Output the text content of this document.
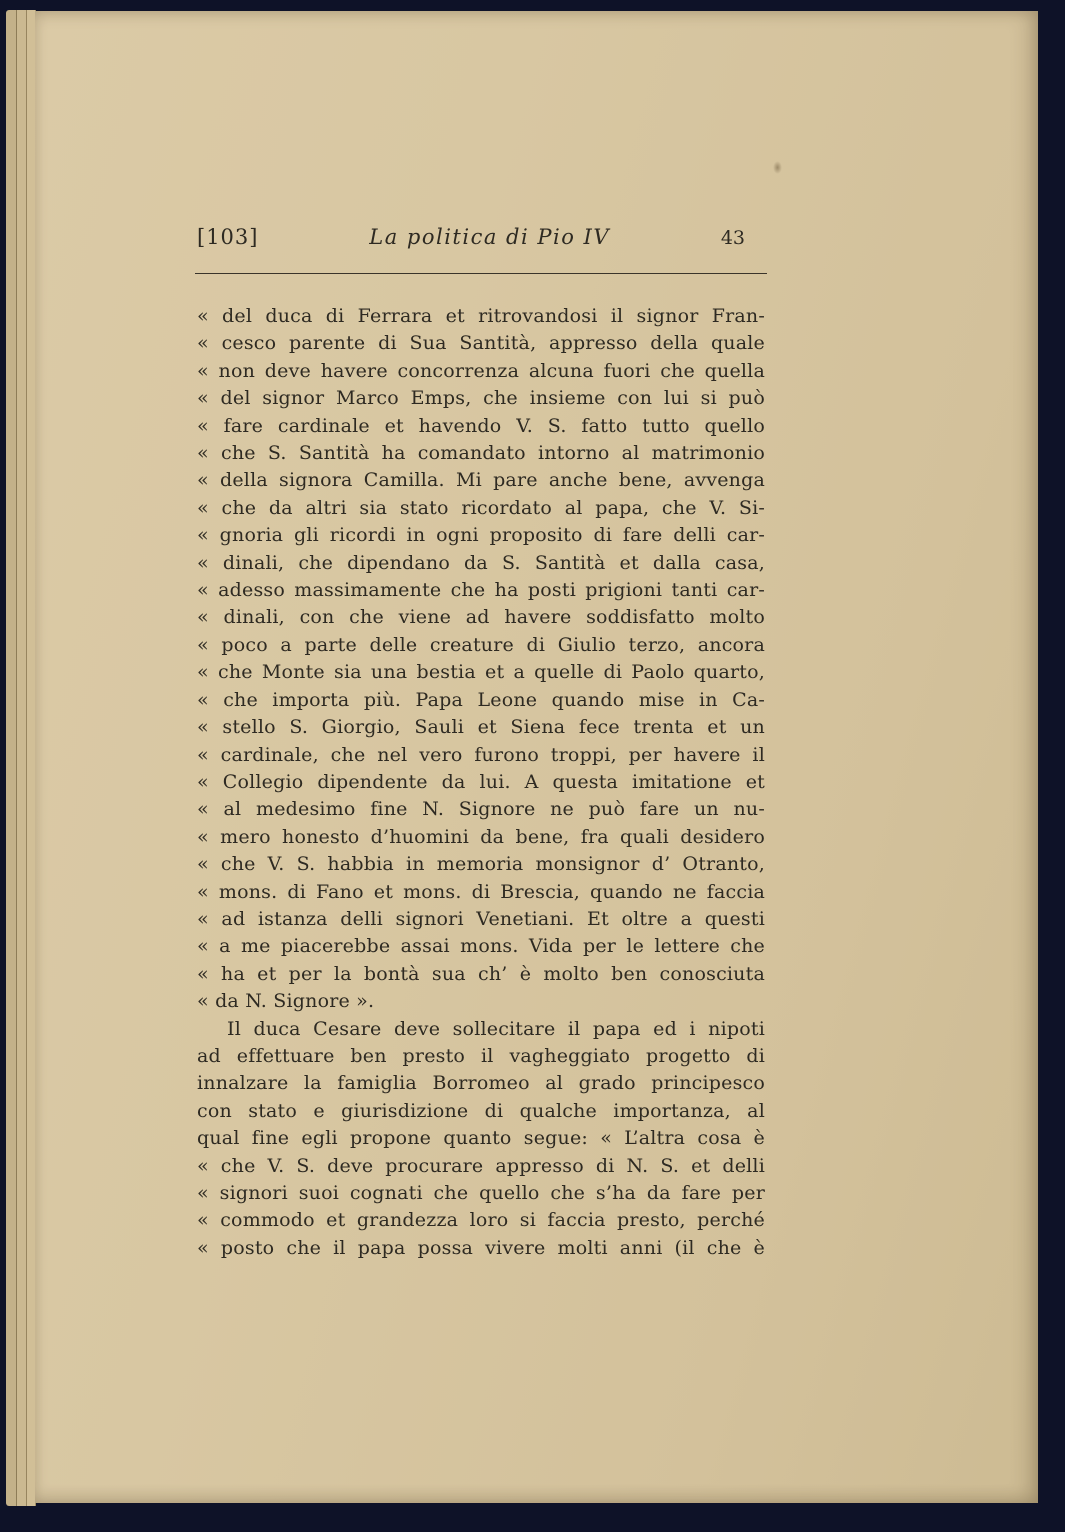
[103]	La politica di Pio IV	43
« del duca di Ferrara et ritrovandosi il signor Fran-
« cesco parente di Sua Santità, appresso della quale
« non deve havere concorrenza alcuna fuori che quella
« del signor Marco Emps, che insieme con lui si può
« fare cardinale et havendo V. S. fatto tutto quello
« che S. Santità ha comandato intorno al matrimonio
« della signora Camilla. Mi pare anche bene, avvenga
« che da altri sia stato ricordato al papa, che V. Si-
« gnoria gli ricordi in ogni proposito di fare delli car-
« dinali, che dipendano da S. Santità et dalla casa,
« adesso massimamente che ha posti prigioni tanti car-
« dinali, con che viene ad havere soddisfatto molto
« poco a parte delle creature di Giulio terzo, ancora
« che Monte sia una bestia et a quelle di Paolo quarto,
« che importa più. Papa Leone quando mise in Ca-
« stello S. Giorgio, Sauli et Siena fece trenta et un
« cardinale, che nel vero furono troppi, per havere il
« Collegio dipendente da lui. A questa imitatione et
« al medesimo fine N. Signore ne può fare un nu-
« mero honesto d’huomini da bene, fra quali desidero
« che V. S. habbia in memoria monsignor d’ Otranto,
« mons. di Fano et mons. di Brescia, quando ne faccia
« ad istanza delli signori Venetiani. Et oltre a questi
« a me piacerebbe assai mons. Vida per le lettere che
« ha et per la bontà sua ch’ è molto ben conosciuta
« da N. Signore ».
Il duca Cesare deve sollecitare il papa ed i nipoti
ad effettuare ben presto il vagheggiato progetto di
innalzare la famiglia Borromeo al grado principesco
con stato e giurisdizione di qualche importanza, al
qual fine egli propone quanto segue: « L’altra cosa è
« che V. S. deve procurare appresso di N. S. et delli
« signori suoi cognati che quello che s’ha da fare per
« commodo et grandezza loro si faccia presto, perché
« posto che il papa possa vivere molti anni (il che è
